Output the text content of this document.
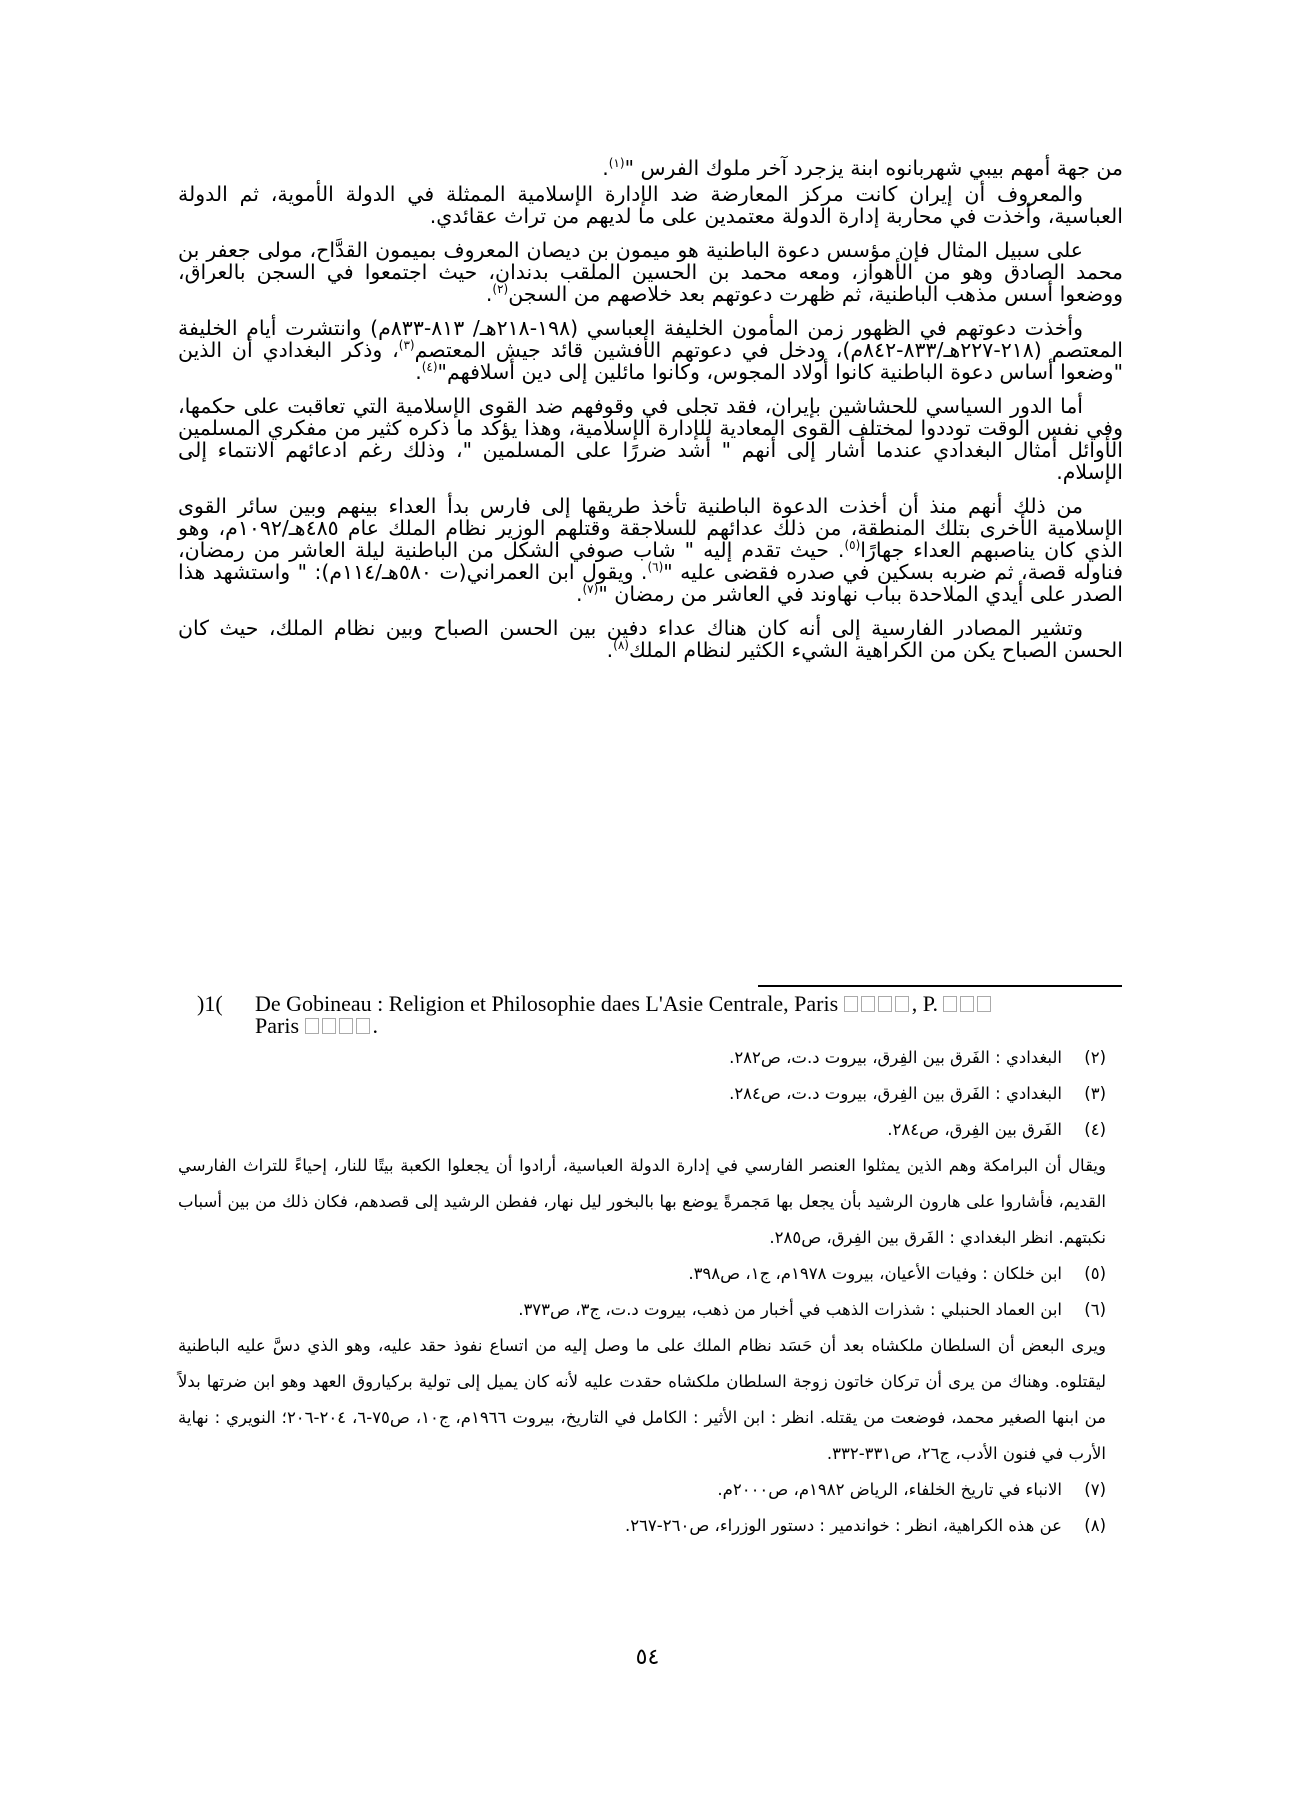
من جهة أمهم بيبي شهربانوه ابنة يزجرد آخر ملوك الفرس "$^{(١)}$.

والمعروف أن إيران كانت مركز المعارضة ضد الإدارة الإسلامية الممثلة في الدولة الأموية، ثم الدولة العباسية، وأخذت في محاربة إدارة الدولة معتمدين على ما لديهم من تراث عقائدي.

على سبيل المثال فإن مؤسس دعوة الباطنية هو ميمون بن ديصان المعروف بميمون القدَّاح، مولى جعفر بن محمد الصادق وهو من الأهواز، ومعه محمد بن الحسين الملقب بدندان، حيث اجتمعوا في السجن بالعراق، ووضعوا أسس مذهب الباطنية، ثم ظهرت دعوتهم بعد خلاصهم من السجن$^{(٢)}$.

وأخذت دعوتهم في الظهور زمن المأمون الخليفة العباسي (١٩٨-٢١٨هـ/ ٨١٣-٨٣٣م) وانتشرت أيام الخليفة المعتصم (٢١٨-٢٢٧هـ/٨٣٣-٨٤٢م)، ودخل في دعوتهم الأفشين قائد جيش المعتصم$^{(٣)}$، وذكر البغدادي أن الذين "وضعوا أساس دعوة الباطنية كانوا أولاد المجوس، وكانوا مائلين إلى دين أسلافهم"$^{(٤)}$.

أما الدور السياسي للحشاشين بإيران، فقد تجلى في وقوفهم ضد القوى الإسلامية التي تعاقبت على حكمها، وفي نفس الوقت توددوا لمختلف القوى المعادية للإدارة الإسلامية، وهذا يؤكد ما ذكره كثير من مفكري المسلمين الأوائل أمثال البغدادي عندما أشار إلى أنهم " أشد ضررًا على المسلمين "، وذلك رغم ادعائهم الانتماء إلى الإسلام.

من ذلك أنهم منذ أن أخذت الدعوة الباطنية تأخذ طريقها إلى فارس بدأ العداء بينهم وبين سائر القوى الإسلامية الأخرى بتلك المنطقة، من ذلك عدائهم للسلاجقة وقتلهم الوزير نظام الملك عام ٤٨٥هـ/١٠٩٢م، وهو الذي كان يناصبهم العداء جهارًا$^{(٥)}$. حيث تقدم إليه " شاب صوفي الشكل من الباطنية ليلة العاشر من رمضان، فناوله قصة، ثم ضربه بسكين في صدره فقضى عليه "$^{(٦)}$. ويقول ابن العمراني(ت ٥٨٠هـ/١١٤م): " واستشهد هذا الصدر على أيدي الملاحدة بباب نهاوند في العاشر من رمضان "$^{(٧)}$.

وتشير المصادر الفارسية إلى أنه كان هناك عداء دفين بين الحسن الصباح وبين نظام الملك، حيث كان الحسن الصباح يكن من الكراهية الشيء الكثير لنظام الملك$^{(٨)}$.

)1( De Gobineau : Religion et Philosophie daes L'Asie Centrale, Paris	, P.
Paris	.

(٢)
البغدادي : الفَرق بين الفِرق، بيروت د.ت، ص٢٨٢.

(٣)
البغدادي : الفَرق بين الفِرق، بيروت د.ت، ص٢٨٤.

(٤)
الفَرق بين الفِرق، ص٢٨٤.

ويقال أن البرامكة وهم الذين يمثلوا العنصر الفارسي في إدارة الدولة العباسية، أرادوا أن يجعلوا الكعبة بيتًا للنار، إحياءً للتراث الفارسي القديم، فأشاروا على هارون الرشيد بأن يجعل بها مَجمرةً يوضع بها بالبخور ليل نهار، ففطن الرشيد إلى قصدهم، فكان ذلك من بين أسباب نكبتهم. انظر البغدادي : الفَرق بين الفِرق، ص٢٨٥.

(٥)
ابن خلكان : وفيات الأعيان، بيروت ١٩٧٨م، ج١، ص٣٩٨.

(٦)
ابن العماد الحنبلي : شذرات الذهب في أخبار من ذهب، بيروت د.ت، ج٣، ص٣٧٣.

ويرى البعض أن السلطان ملكشاه بعد أن حَسَد نظام الملك على ما وصل إليه من اتساع نفوذ حقد عليه، وهو الذي دسَّ عليه الباطنية ليقتلوه. وهناك من يرى أن تركان خاتون زوجة السلطان ملكشاه حقدت عليه لأنه كان يميل إلى تولية بركياروق العهد وهو ابن ضرتها بدلاً من ابنها الصغير محمد، فوضعت من يقتله. انظر : ابن الأثير : الكامل في التاريخ، بيروت ١٩٦٦م، ج١٠، ص٧٥-٦، ٢٠٤-٢٠٦؛ النويري : نهاية الأرب في فنون الأدب، ج٢٦، ص٣٣١-٣٣٢.

(٧)
الانباء في تاريخ الخلفاء، الرياض ١٩٨٢م، ص٢٠٠٠م.

(٨)
عن هذه الكراهية، انظر : خواندمير : دستور الوزراء، ص٢٦٠-٢٦٧.

٥٤
